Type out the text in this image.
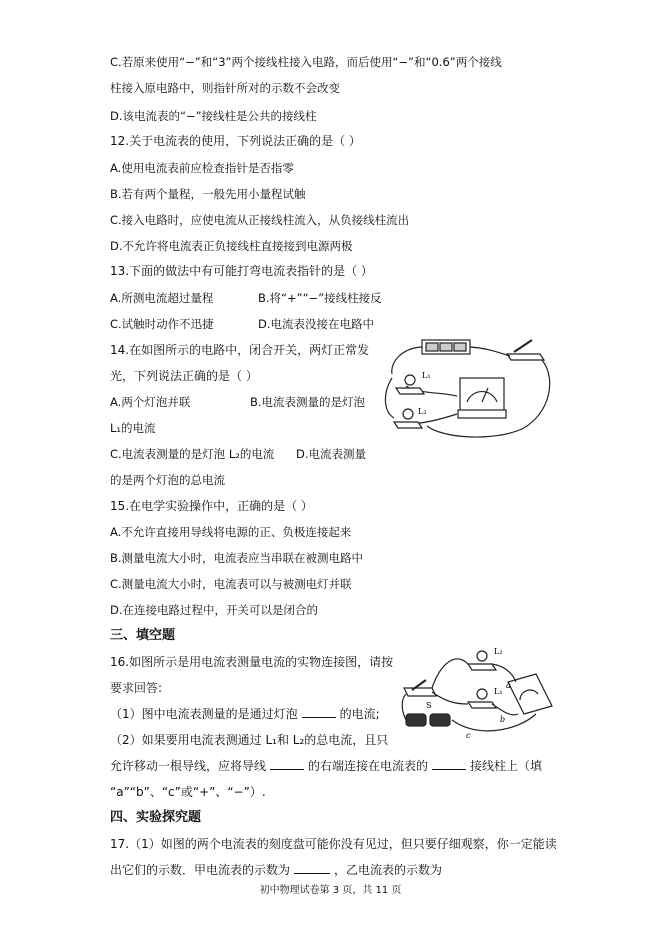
C.若原来使用“−”和“3”两个接线柱接入电路，而后使用“−”和“0.6”两个接线
柱接入原电路中，则指针所对的示数不会改变
D.该电流表的“−”接线柱是公共的接线柱
12.关于电流表的使用，下列说法正确的是（ ）
A.使用电流表前应检查指针是否指零
B.若有两个量程，一般先用小量程试触
C.接入电路时，应使电流从正接线柱流入，从负接线柱流出
D.不允许将电流表正负接线柱直接接到电源两极
13.下面的做法中有可能打弯电流表指针的是（ ）
A.所测电流超过量程	B.将“+”“−”接线柱接反
C.试触时动作不迅捷	D.电流表没接在电路中
14.在如图所示的电路中，闭合开关，两灯正常发
光，下列说法正确的是（ ）
A.两个灯泡并联	B.电流表测量的是灯泡
L₁的电流
C.电流表测量的是灯泡 L₂的电流 D.电流表测量
的是两个灯泡的总电流
L₁
L₂
15.在电学实验操作中，正确的是（ ）
A.不允许直接用导线将电源的正、负极连接起来
B.测量电流大小时，电流表应当串联在被测电路中
C.测量电流大小时，电流表可以与被测电灯并联
D.在连接电路过程中，开关可以是闭合的
三、填空题
16.如图所示是用电流表测量电流的实物连接图，请按
要求回答:
（1）图中电流表测量的是通过灯泡	的电流;
（2）如果要用电流表测通过 L₁和 L₂的总电流，且只
允许移动一根导线，应将导线	的右端连接在电流表的	接线柱上（填
“a”“b”、“c”或“+”、“−”）.
L₂
L₁
S
a
b
c
四、实验探究题
17.（1）如图的两个电流表的刻度盘可能你没有见过，但只要仔细观察，你一定能读
出它们的示数．甲电流表的示数为	，乙电流表的示数为
初中物理试卷第 3 页，共 11 页
